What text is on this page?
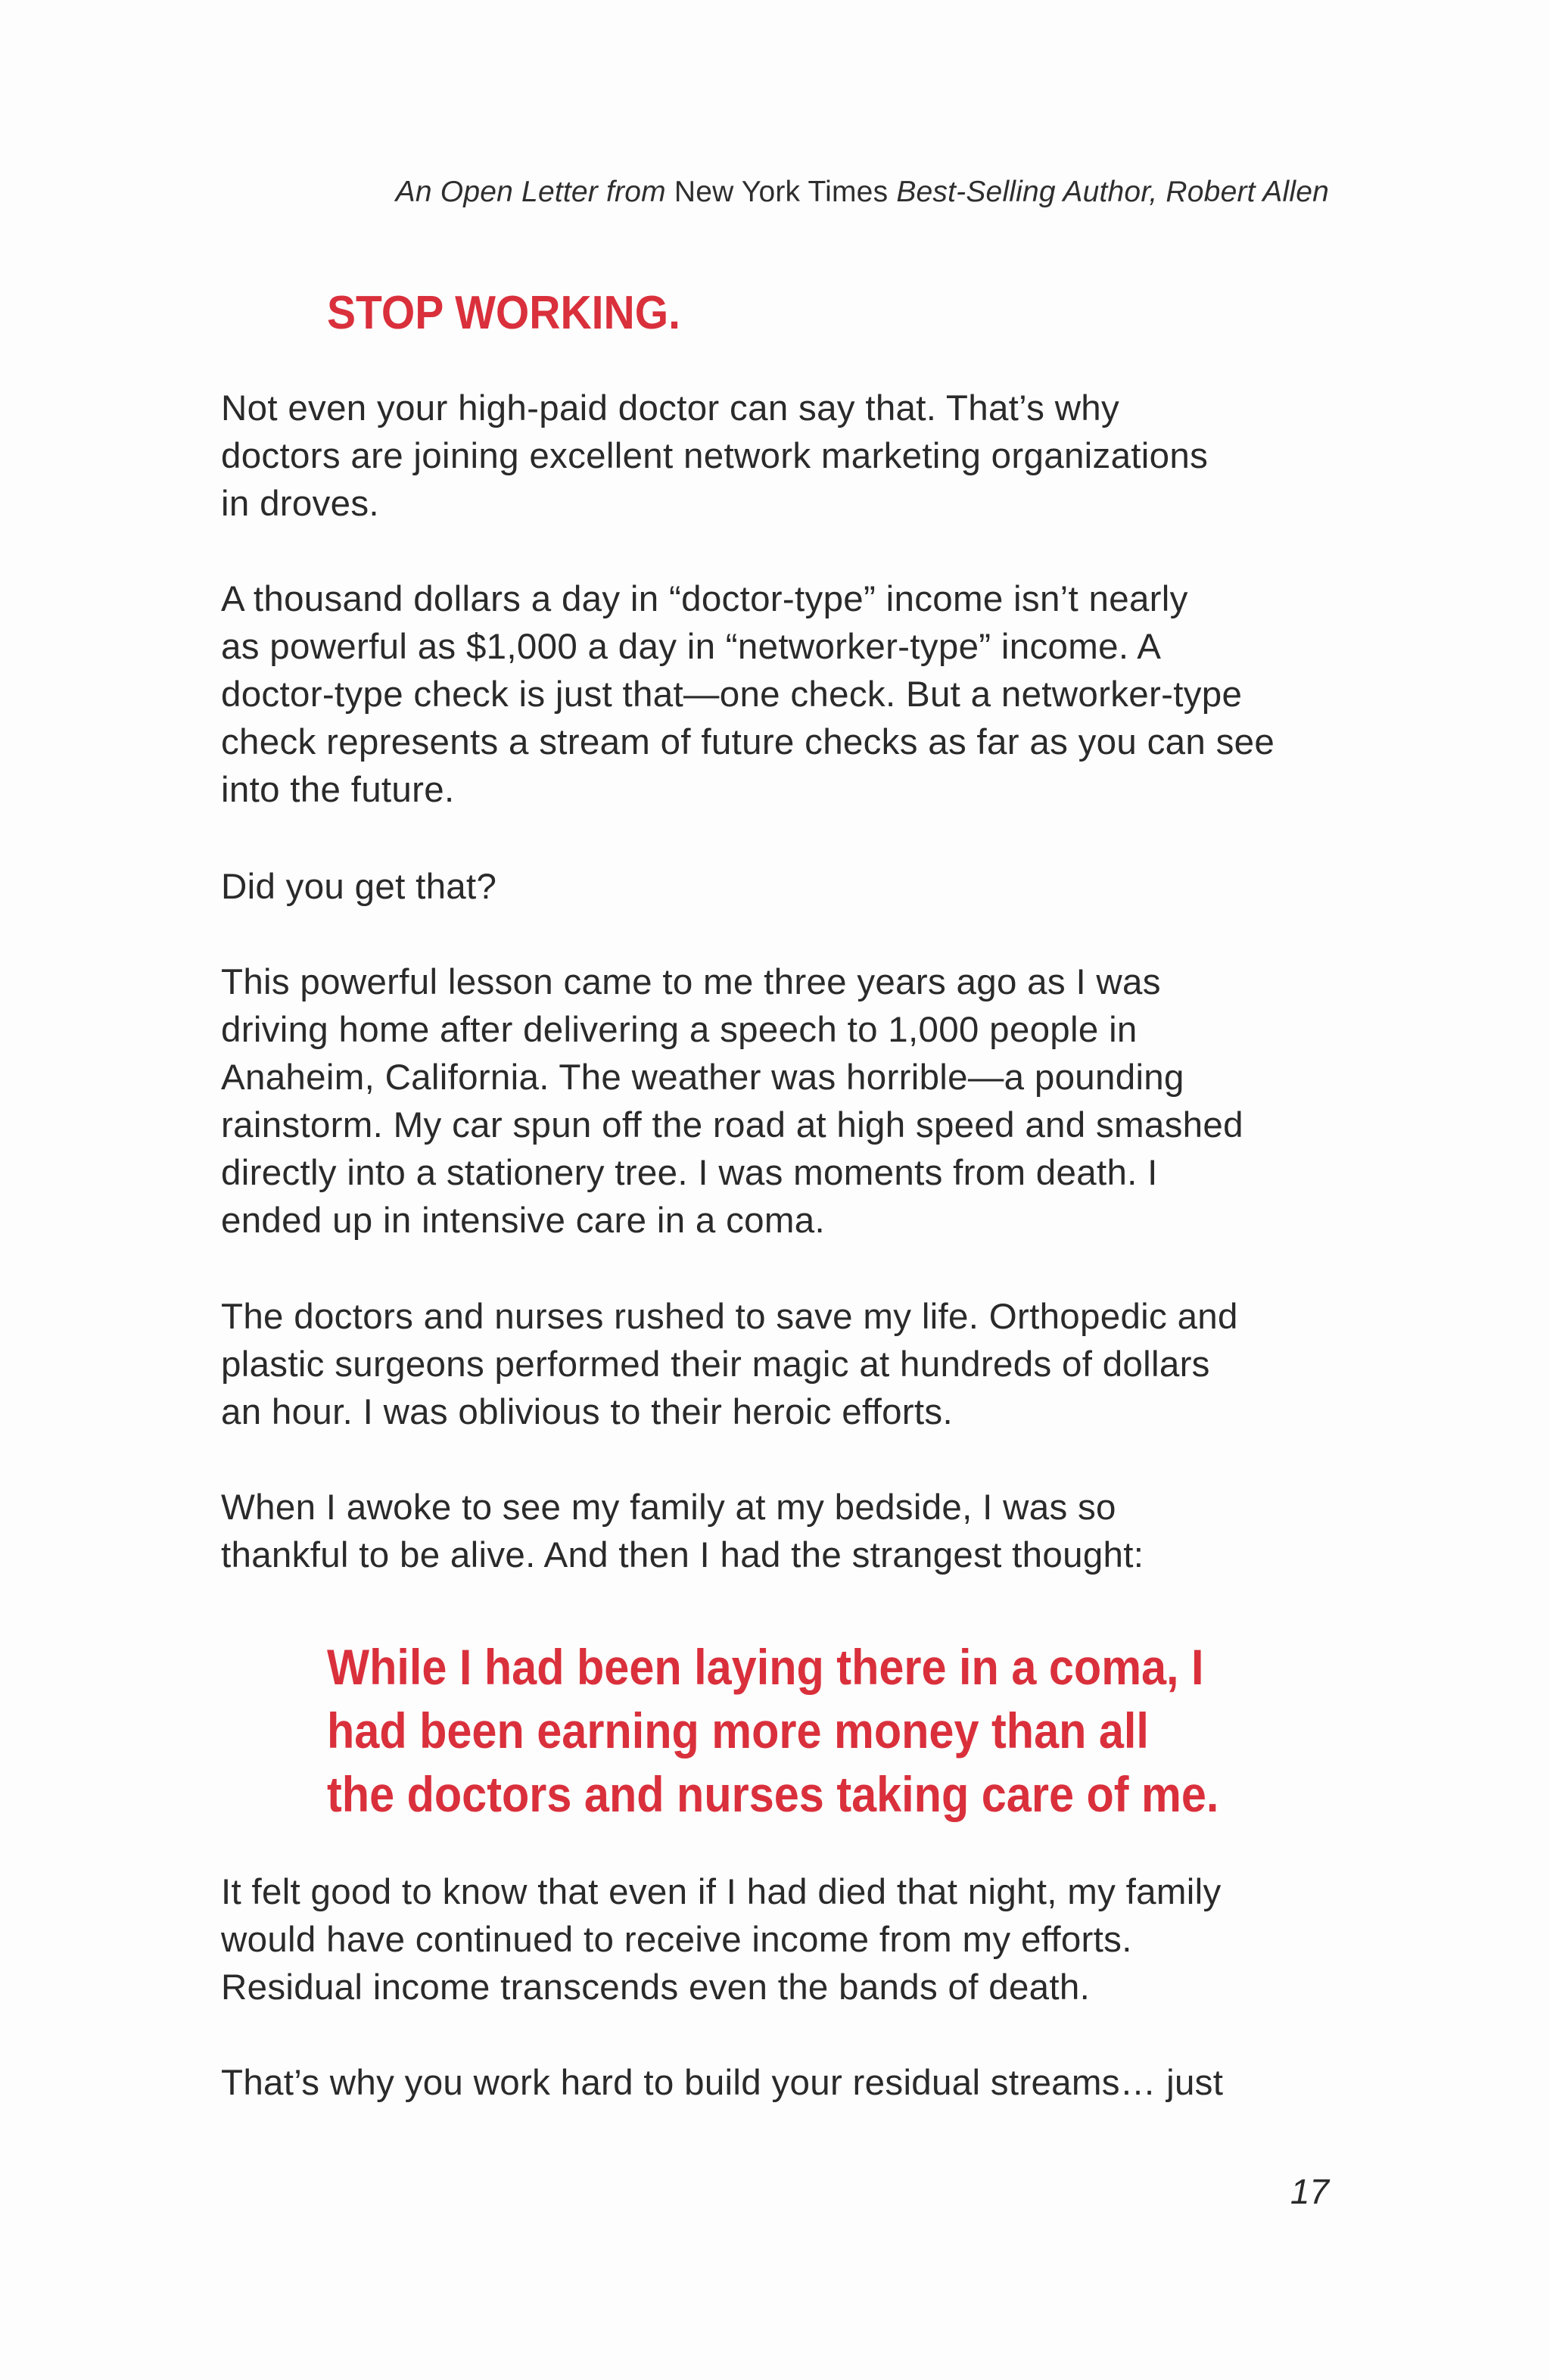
An Open Letter from New York Times Best-Selling Author, Robert Allen
STOP WORKING.

Not even your high-paid doctor can say that. That’s why
doctors are joining excellent network marketing organizations
in droves.

A thousand dollars a day in “doctor-type” income isn’t nearly
as powerful as $1,000 a day in “networker-type” income. A
doctor-type check is just that—one check. But a networker-type
check represents a stream of future checks as far as you can see
into the future.

Did you get that?

This powerful lesson came to me three years ago as I was
driving home after delivering a speech to 1,000 people in
Anaheim, California. The weather was horrible—a pounding
rainstorm. My car spun off the road at high speed and smashed
directly into a stationery tree. I was moments from death. I
ended up in intensive care in a coma.

The doctors and nurses rushed to save my life. Orthopedic and
plastic surgeons performed their magic at hundreds of dollars
an hour. I was oblivious to their heroic efforts.

When I awoke to see my family at my bedside, I was so
thankful to be alive. And then I had the strangest thought:

While I had been laying there in a coma, I
had been earning more money than all
the doctors and nurses taking care of me.

It felt good to know that even if I had died that night, my family
would have continued to receive income from my efforts.
Residual income transcends even the bands of death.

That’s why you work hard to build your residual streams… just

17
